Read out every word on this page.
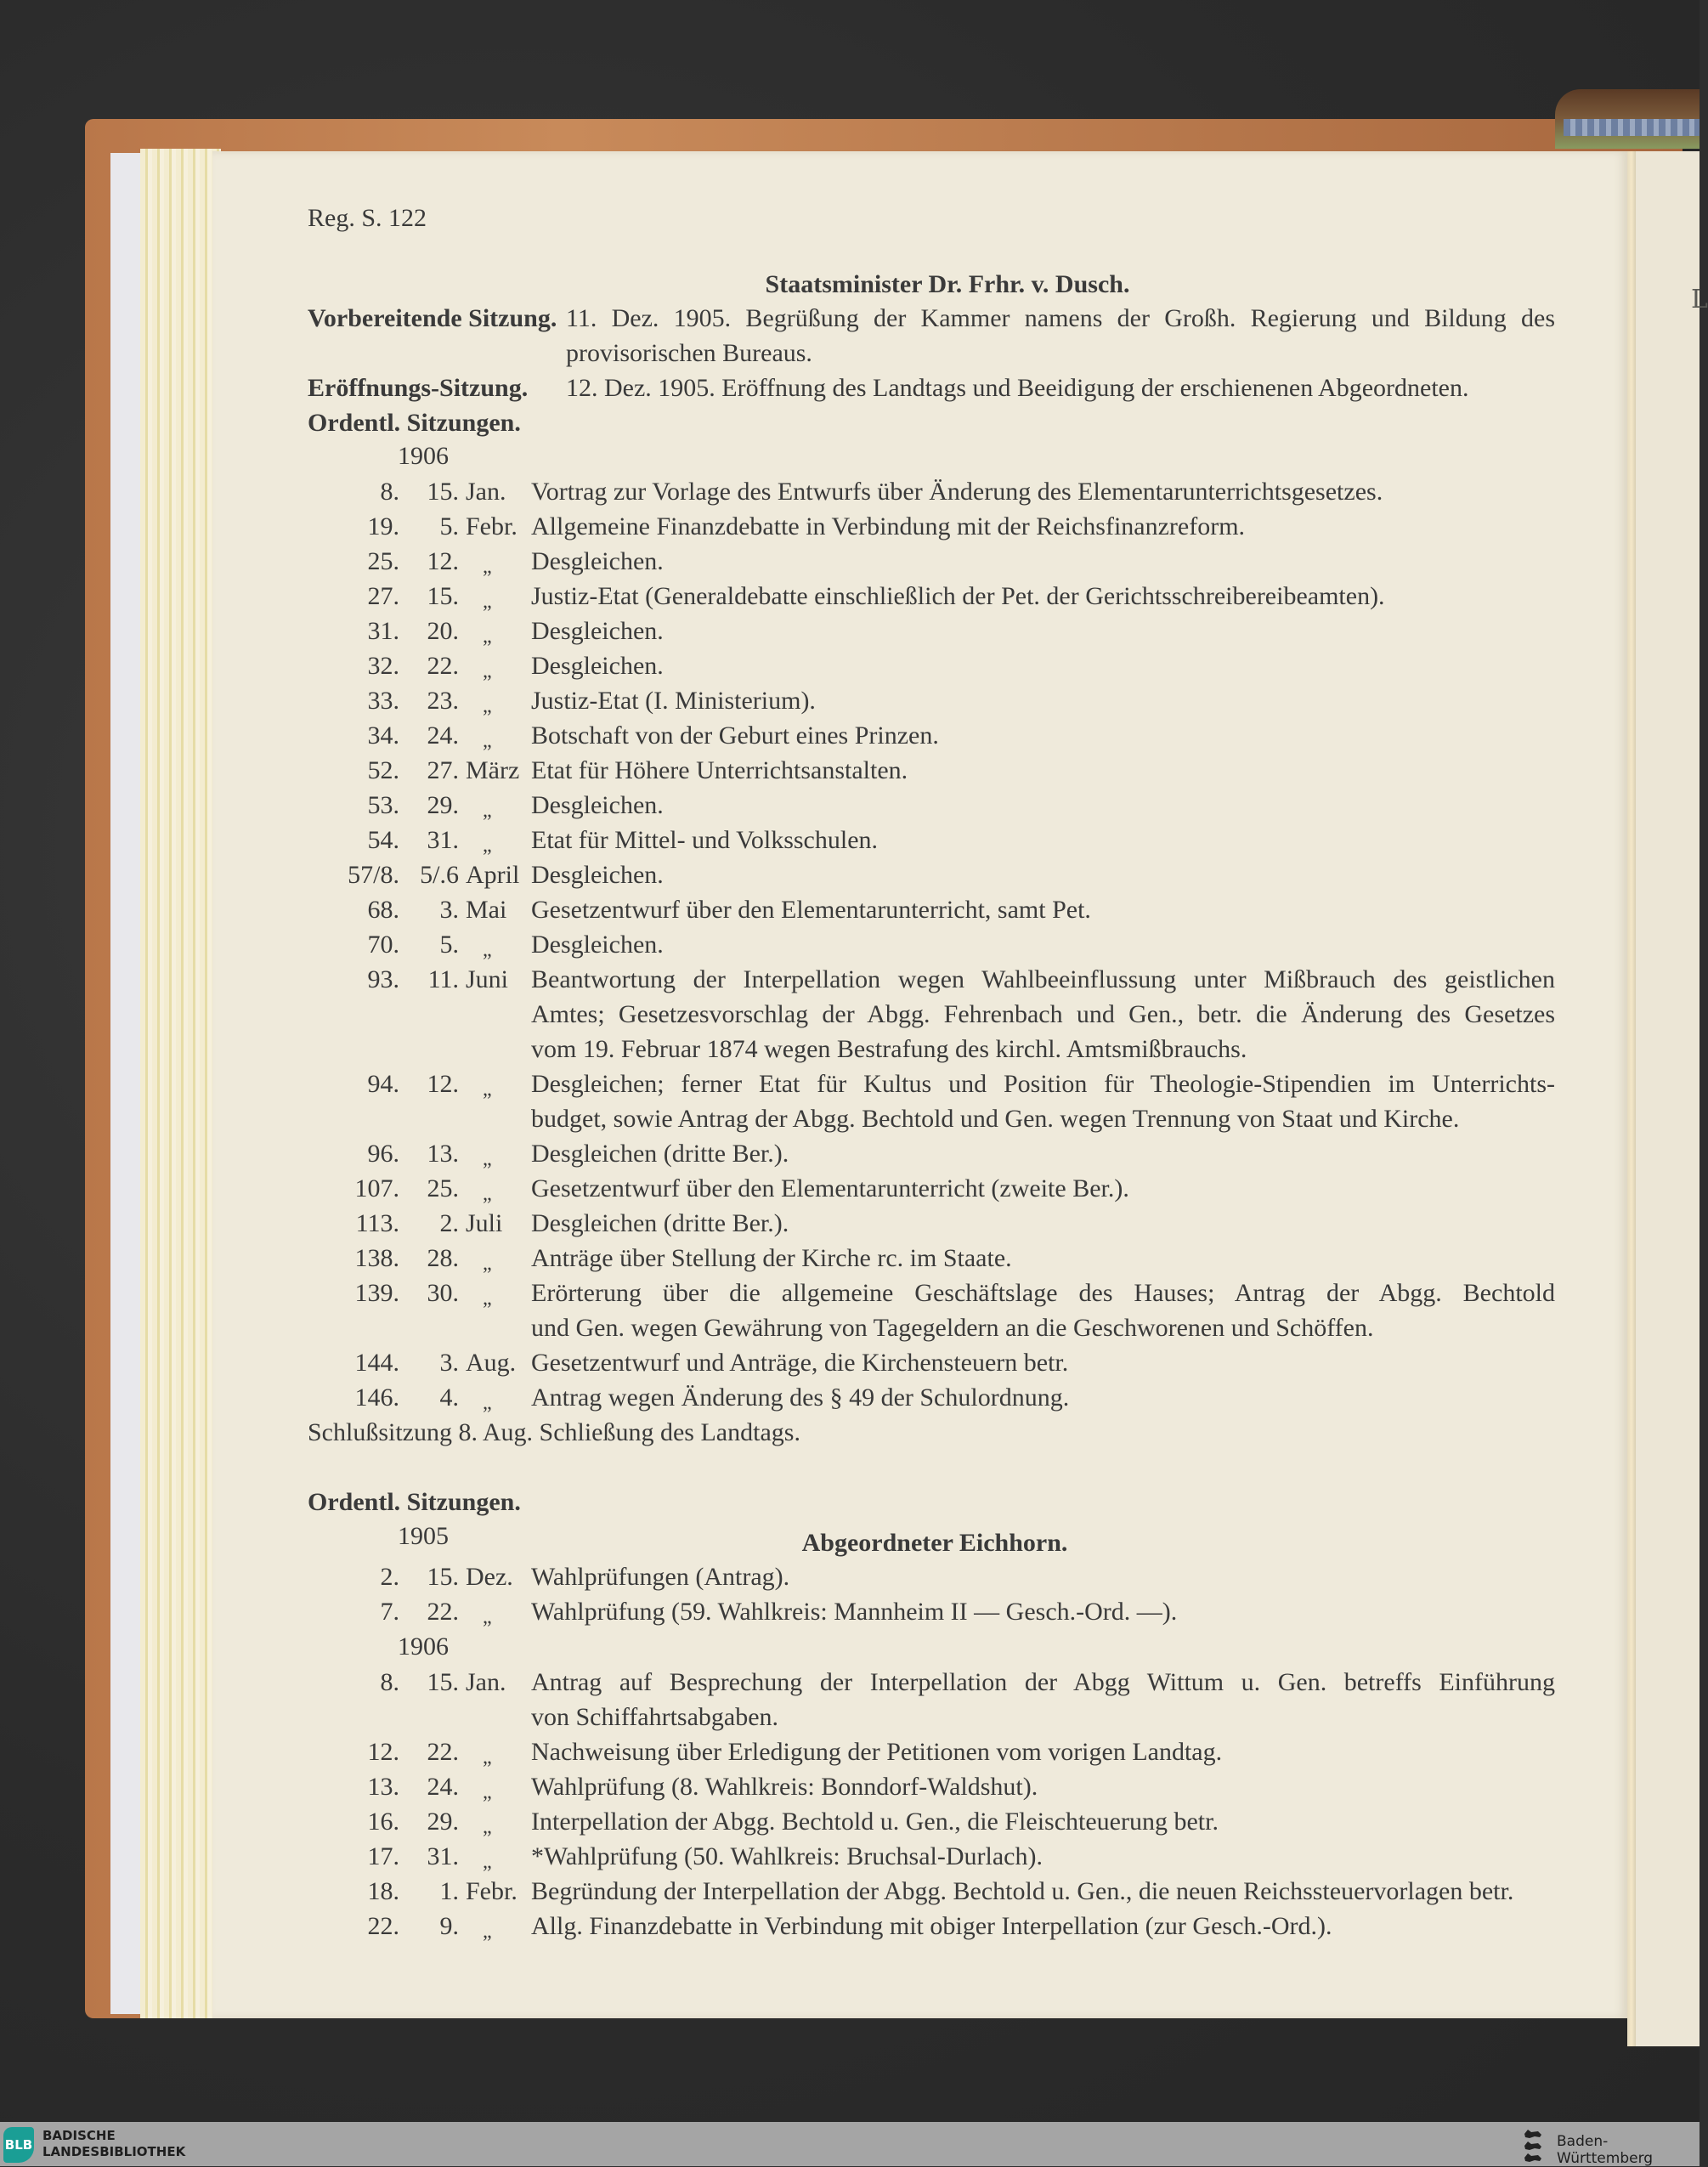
L
Reg. S. 122
Staatsminister Dr. Frhr. v. Dusch.
Vorbereitende Sitzung. 11. Dez. 1905. Begrüßung der Kammer namens der Großh. Regierung und Bildung des
provisorischen Bureaus.
Eröffnungs-Sitzung. 12. Dez. 1905. Eröffnung des Landtags und Beeidigung der erschienenen Abgeordneten.
Ordentl. Sitzungen.
1906
8. 15. Jan. Vortrag zur Vorlage des Entwurfs über Änderung des Elementarunterrichtsgesetzes.
19. 5. Febr. Allgemeine Finanzdebatte in Verbindung mit der Reichsfinanzreform.
25. 12. „ Desgleichen.
27. 15. „ Justiz-Etat (Generaldebatte einschließlich der Pet. der Gerichtsschreibereibeamten).
31. 20. „ Desgleichen.
32. 22. „ Desgleichen.
33. 23. „ Justiz-Etat (I. Ministerium).
34. 24. „ Botschaft von der Geburt eines Prinzen.
52. 27. März Etat für Höhere Unterrichtsanstalten.
53. 29. „ Desgleichen.
54. 31. „ Etat für Mittel- und Volksschulen.
57/8. 5/.6 April Desgleichen.
68. 3. Mai Gesetzentwurf über den Elementarunterricht, samt Pet.
70. 5. „ Desgleichen.
93. 11. Juni Beantwortung der Interpellation wegen Wahlbeeinflussung unter Mißbrauch des geistlichen
Amtes; Gesetzesvorschlag der Abgg. Fehrenbach und Gen., betr. die Änderung des Gesetzes
vom 19. Februar 1874 wegen Bestrafung des kirchl. Amtsmißbrauchs.
94. 12. „ Desgleichen; ferner Etat für Kultus und Position für Theologie-Stipendien im Unterrichts-
budget, sowie Antrag der Abgg. Bechtold und Gen. wegen Trennung von Staat und Kirche.
96. 13. „ Desgleichen (dritte Ber.).
107. 25. „ Gesetzentwurf über den Elementarunterricht (zweite Ber.).
113. 2. Juli Desgleichen (dritte Ber.).
138. 28. „ Anträge über Stellung der Kirche rc. im Staate.
139. 30. „ Erörterung über die allgemeine Geschäftslage des Hauses; Antrag der Abgg. Bechtold
und Gen. wegen Gewährung von Tagegeldern an die Geschworenen und Schöffen.
144. 3. Aug. Gesetzentwurf und Anträge, die Kirchensteuern betr.
146. 4. „ Antrag wegen Änderung des § 49 der Schulordnung.
Schlußsitzung 8. Aug. Schließung des Landtags.
Ordentl. Sitzungen.
1905	Abgeordneter Eichhorn.
2. 15. Dez. Wahlprüfungen (Antrag).
7. 22. „ Wahlprüfung (59. Wahlkreis: Mannheim II — Gesch.-Ord. —).
1906
8. 15. Jan. Antrag auf Besprechung der Interpellation der Abgg Wittum u. Gen. betreffs Einführung
von Schiffahrtsabgaben.
12. 22. „ Nachweisung über Erledigung der Petitionen vom vorigen Landtag.
13. 24. „ Wahlprüfung (8. Wahlkreis: Bonndorf-Waldshut).
16. 29. „ Interpellation der Abgg. Bechtold u. Gen., die Fleischteuerung betr.
17. 31. „ *Wahlprüfung (50. Wahlkreis: Bruchsal-Durlach).
18. 1. Febr. Begründung der Interpellation der Abgg. Bechtold u. Gen., die neuen Reichssteuervorlagen betr.
22. 9. „ Allg. Finanzdebatte in Verbindung mit obiger Interpellation (zur Gesch.-Ord.).
BLB
BADISCHE
LANDESBIBLIOTHEK
Baden-Württemberg
